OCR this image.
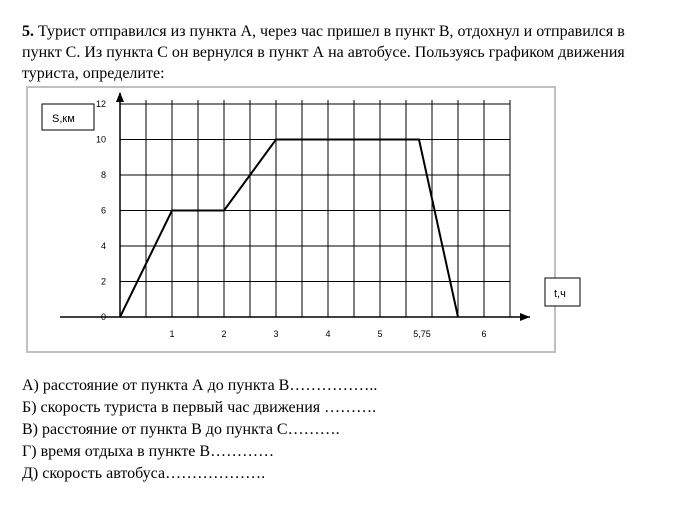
5. Турист отправился из пункта А, через час пришел в пункт В, отдохнул и отправился в пункт С. Из пункта С он вернулся в пункт А на автобусе. Пользуясь графиком движения туриста, определите:

0
2
4
6
8
10
12
1	2	3	4	5	5,75	6
S,км
t,ч
А) расстояние от пункта А до пункта В……………..
Б) скорость туриста в первый час движения ……….
В) расстояние от пункта В до пункта С……….
Г) время отдыха в пункте В…………
Д) скорость автобуса……………….
